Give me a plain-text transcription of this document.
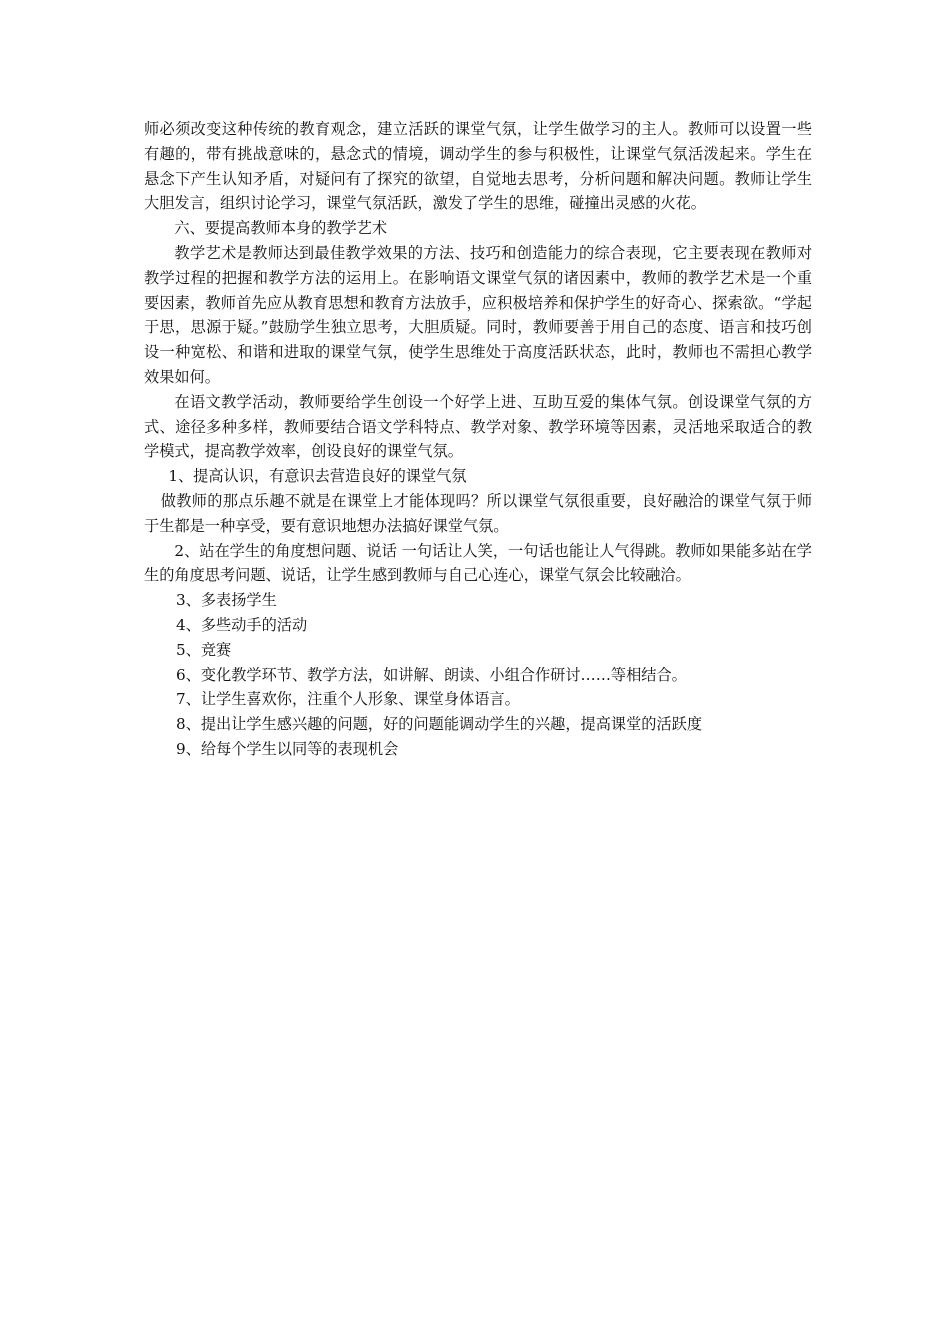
师必须改变这种传统的教育观念，建立活跃的课堂气氛，让学生做学习的主人。教师可以设置一些有趣的，带有挑战意味的，悬念式的情境，调动学生的参与积极性，让课堂气氛活泼起来。学生在悬念下产生认知矛盾，对疑问有了探究的欲望，自觉地去思考，分析问题和解决问题。教师让学生大胆发言，组织讨论学习，课堂气氛活跃，激发了学生的思维，碰撞出灵感的火花。

六、要提高教师本身的教学艺术

教学艺术是教师达到最佳教学效果的方法、技巧和创造能力的综合表现，它主要表现在教师对教学过程的把握和教学方法的运用上。在影响语文课堂气氛的诸因素中，教师的教学艺术是一个重要因素，教师首先应从教育思想和教育方法放手，应积极培养和保护学生的好奇心、探索欲。“学起于思，思源于疑。”鼓励学生独立思考，大胆质疑。同时，教师要善于用自己的态度、语言和技巧创设一种宽松、和谐和进取的课堂气氛，使学生思维处于高度活跃状态，此时，教师也不需担心教学效果如何。

在语文教学活动，教师要给学生创设一个好学上进、互助互爱的集体气氛。创设课堂气氛的方式、途径多种多样，教师要结合语文学科特点、教学对象、教学环境等因素，灵活地采取适合的教学模式，提高教学效率，创设良好的课堂气氛。

1、提高认识，有意识去营造良好的课堂气氛

做教师的那点乐趣不就是在课堂上才能体现吗？所以课堂气氛很重要，良好融洽的课堂气氛于师于生都是一种享受，要有意识地想办法搞好课堂气氛。

2、站在学生的角度想问题、说话 一句话让人笑，一句话也能让人气得跳。教师如果能多站在学生的角度思考问题、说话，让学生感到教师与自己心连心，课堂气氛会比较融洽。

3、多表扬学生

4、多些动手的活动

5、竞赛

6、变化教学环节、教学方法，如讲解、朗读、小组合作研讨……等相结合。

7、让学生喜欢你，注重个人形象、课堂身体语言。

8、提出让学生感兴趣的问题，好的问题能调动学生的兴趣，提高课堂的活跃度

9、给每个学生以同等的表现机会
